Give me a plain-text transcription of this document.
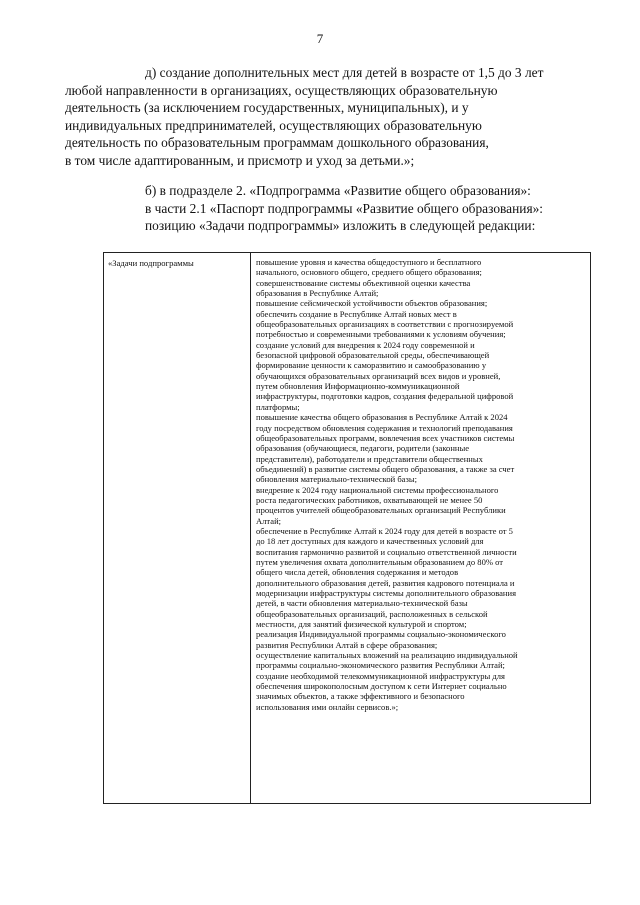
7
д) создание дополнительных мест для детей в возрасте от 1,5 до 3 лет
любой направленности в организациях, осуществляющих образовательную
деятельность (за исключением государственных, муниципальных), и у
индивидуальных предпринимателей, осуществляющих образовательную
деятельность по образовательным программам дошкольного образования,
в том числе адаптированным, и присмотр и уход за детьми.»;
б) в подразделе 2. «Подпрограмма «Развитие общего образования»:
в части 2.1 «Паспорт подпрограммы «Развитие общего образования»:
позицию «Задачи подпрограммы» изложить в следующей редакции:
«Задачи подпрограммы	повышение уровня и качества общедоступного и бесплатного
начального, основного общего, среднего общего образования;
совершенствование системы объективной оценки качества
образования в Республике Алтай;
повышение сейсмической устойчивости объектов образования;
обеспечить создание в Республике Алтай новых мест в
общеобразовательных организациях в соответствии с прогнозируемой
потребностью и современными требованиями к условиям обучения;
создание условий для внедрения к 2024 году современной и
безопасной цифровой образовательной среды, обеспечивающей
формирование ценности к саморазвитию и самообразованию у
обучающихся образовательных организаций всех видов и уровней,
путем обновления Информационно-коммуникационной
инфраструктуры, подготовки кадров, создания федеральной цифровой
платформы;
повышение качества общего образования в Республике Алтай к 2024
году посредством обновления содержания и технологий преподавания
общеобразовательных программ, вовлечения всех участников системы
образования (обучающиеся, педагоги, родители (законные
представители), работодатели и представители общественных
объединений) в развитие системы общего образования, а также за счет
обновления материально-технической базы;
внедрение к 2024 году национальной системы профессионального
роста педагогических работников, охватывающей не менее 50
процентов учителей общеобразовательных организаций Республики
Алтай;
обеспечение в Республике Алтай к 2024 году для детей в возрасте от 5
до 18 лет доступных для каждого и качественных условий для
воспитания гармонично развитой и социально ответственной личности
путем увеличения охвата дополнительным образованием до 80% от
общего числа детей, обновления содержания и методов
дополнительного образования детей, развития кадрового потенциала и
модернизации инфраструктуры системы дополнительного образования
детей, в части обновления материально-технической базы
общеобразовательных организаций, расположенных в сельской
местности, для занятий физической культурой и спортом;
реализация Индивидуальной программы социально-экономического
развития Республики Алтай в сфере образования;
осуществление капитальных вложений на реализацию индивидуальной
программы социально-экономического развития Республики Алтай;
создание необходимой телекоммуникационной инфраструктуры для
обеспечения широкополосным доступом к сети Интернет социально
значимых объектов, а также эффективного и безопасного
использования ими онлайн сервисов.»;
